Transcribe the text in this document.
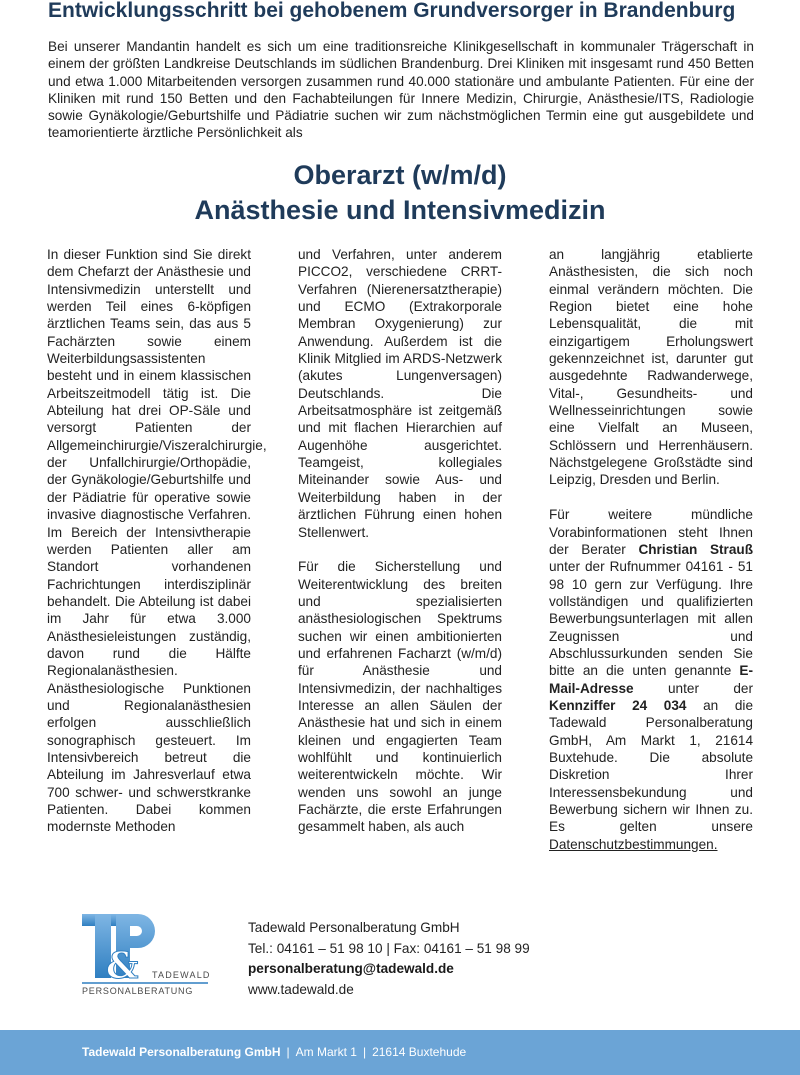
Entwicklungsschritt bei gehobenem Grundversorger in Brandenburg
Bei unserer Mandantin handelt es sich um eine traditionsreiche Klinikgesellschaft in kommunaler Trägerschaft in einem der größten Landkreise Deutschlands im südlichen Brandenburg. Drei Kliniken mit insgesamt rund 450 Betten und etwa 1.000 Mitarbeitenden versorgen zusammen rund 40.000 stationäre und ambulante Patienten. Für eine der Kliniken mit rund 150 Betten und den Fachabteilungen für Innere Medizin, Chirurgie, Anästhesie/ITS, Radiologie sowie Gynäkologie/Geburtshilfe und Pädiatrie suchen wir zum nächstmöglichen Termin eine gut ausgebildete und teamorientierte ärztliche Persönlichkeit als
Oberarzt (w/m/d)
Anästhesie und Intensivmedizin

In dieser Funktion sind Sie direkt dem Chefarzt der Anästhesie und Intensivmedizin unterstellt und werden Teil eines 6-köpfigen ärztlichen Teams sein, das aus 5 Fachärzten sowie einem Weiterbildungsassistenten besteht und in einem klassischen Arbeitszeitmodell tätig ist. Die Abteilung hat drei OP-Säle und versorgt Patienten der Allgemeinchirurgie/Viszeralchirurgie, der Unfallchirurgie/Orthopädie, der Gynäkologie/Geburtshilfe und der Pädiatrie für operative sowie invasive diagnostische Verfahren. Im Bereich der Intensivtherapie werden Patienten aller am Standort vorhandenen Fachrichtungen interdisziplinär behandelt. Die Abteilung ist dabei im Jahr für etwa 3.000 Anästhesieleistungen zuständig, davon rund die Hälfte Regionalanästhesien. Anästhesiologische Punktionen und Regionalanästhesien erfolgen ausschließlich sonographisch gesteuert. Im Intensivbereich betreut die Abteilung im Jahresverlauf etwa 700 schwer- und schwerstkranke Patienten. Dabei kommen modernste Methoden

und Verfahren, unter anderem PICCO2, verschiedene CRRT-Verfahren (Nierenersatztherapie) und ECMO (Extrakorporale Membran Oxygenierung) zur Anwendung. Außerdem ist die Klinik Mitglied im ARDS-Netzwerk (akutes Lungenversagen) Deutschlands. Die Arbeitsatmosphäre ist zeitgemäß und mit flachen Hierarchien auf Augenhöhe ausgerichtet. Teamgeist, kollegiales Miteinander sowie Aus- und Weiterbildung haben in der ärztlichen Führung einen hohen Stellenwert.

Für die Sicherstellung und Weiterentwicklung des breiten und spezialisierten anästhesiologischen Spektrums suchen wir einen ambitionierten und erfahrenen Facharzt (w/m/d) für Anästhesie und Intensivmedizin, der nachhaltiges Interesse an allen Säulen der Anästhesie hat und sich in einem kleinen und engagierten Team wohlfühlt und kontinuierlich weiterentwickeln möchte. Wir wenden uns sowohl an junge Fachärzte, die erste Erfahrungen gesammelt haben, als auch

an langjährig etablierte Anästhesisten, die sich noch einmal verändern möchten. Die Region bietet eine hohe Lebensqualität, die mit einzigartigem Erholungswert gekennzeichnet ist, darunter gut ausgedehnte Radwanderwege, Vital-, Gesundheits- und Wellnesseinrichtungen sowie eine Vielfalt an Museen, Schlössern und Herrenhäusern. Nächstgelegene Großstädte sind Leipzig, Dresden und Berlin.

Für weitere mündliche Vorabinformationen steht Ihnen der Berater Christian Strauß unter der Rufnummer 04161 - 51 98 10 gern zur Verfügung. Ihre vollständigen und qualifizierten Bewerbungsunterlagen mit allen Zeugnissen und Abschlussurkunden senden Sie bitte an die unten genannte E-Mail-Adresse	unter der Kennziffer 24 034 an die Tadewald Personalberatung GmbH, Am Markt 1, 21614 Buxtehude. Die absolute Diskretion Ihrer Interessensbekundung und Bewerbung sichern wir Ihnen zu. Es gelten unsere Datenschutzbestimmungen.

& TADEWALD
PERSONALBERATUNG
Tadewald Personalberatung GmbH
Tel.: 04161 – 51 98 10 | Fax: 04161 – 51 98 99
personalberatung@tadewald.de
www.tadewald.de
Tadewald Personalberatung GmbH | Am Markt 1 | 21614 Buxtehude
